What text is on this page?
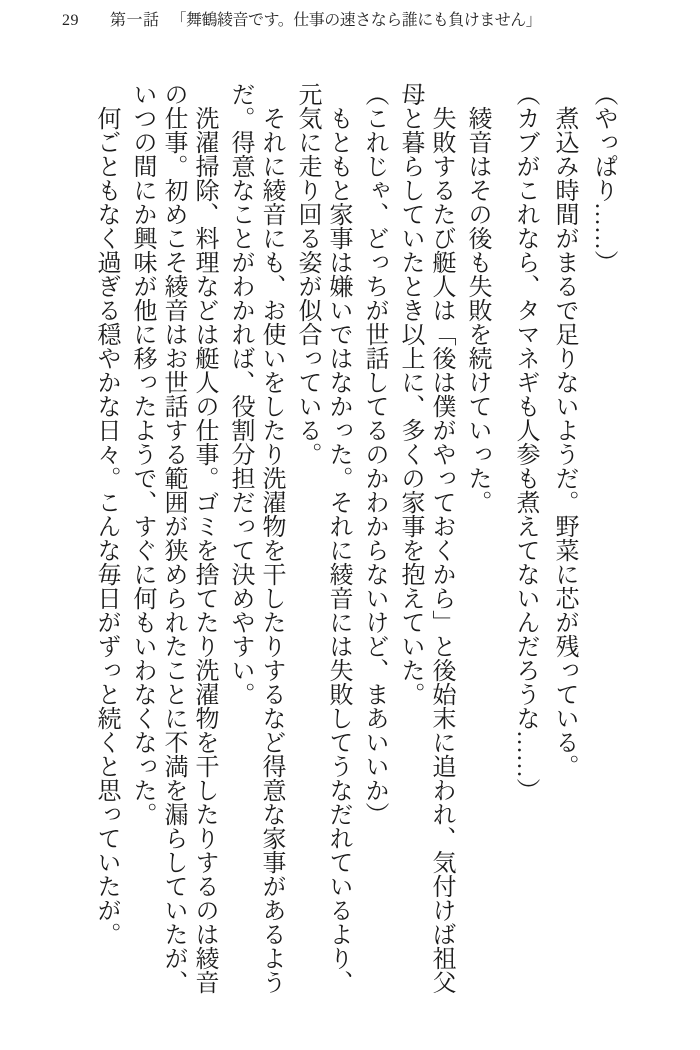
29 第一話 「舞鶴綾音です。仕事の速さなら誰にも負けません」

（やっぱり……）

　煮込み時間がまるで足りないようだ。野菜に芯が残っている。

（カブがこれなら、タマネギも人参も煮えてないんだろうな……）

　綾音はその後も失敗を続けていった。

　失敗するたび艇人は「後は僕がやっておくから」と後始末に追われ、気付けば祖父母と暮らしていたとき以上に、多くの家事を抱えていた。

（これじゃ、どっちが世話してるのかわからないけど、まあいいか）

　もともと家事は嫌いではなかった。それに綾音には失敗してうなだれているより、元気に走り回る姿が似合っている。

　それに綾音にも、お使いをしたり洗濯物を干したりするなど得意な家事があるようだ。得意なことがわかれば、役割分担だって決めやすい。

　洗濯掃除、料理などは艇人の仕事。ゴミを捨てたり洗濯物を干したりするのは綾音の仕事。初めこそ綾音はお世話する範囲が狭められたことに不満を漏らしていたが、いつの間にか興味が他に移ったようで、すぐに何もいわなくなった。

　何ごともなく過ぎる穏やかな日々。こんな毎日がずっと続くと思っていたが。
